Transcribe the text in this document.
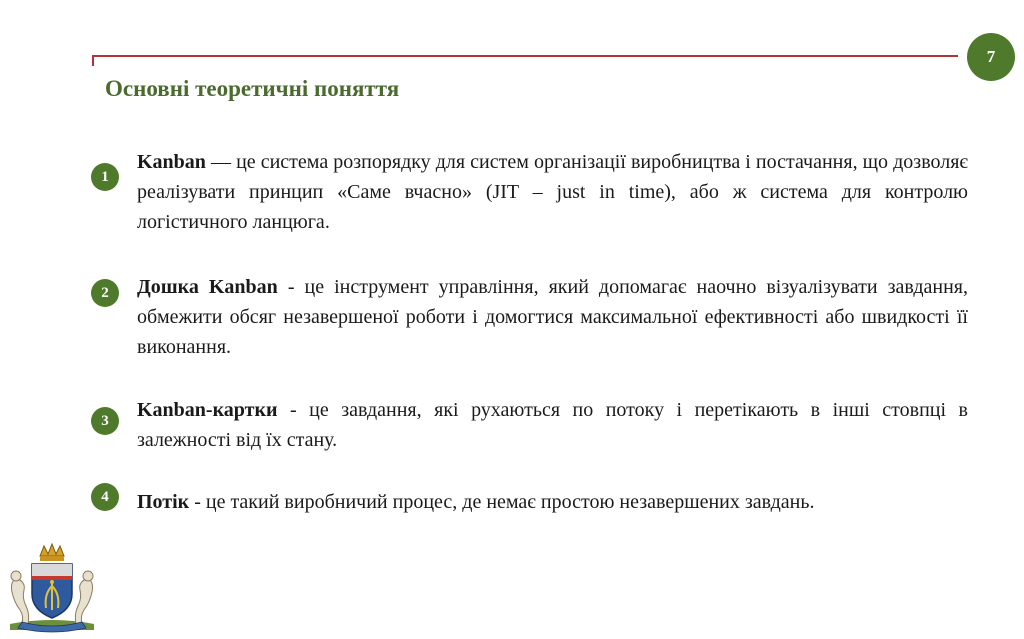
7
Основні теоретичні поняття
1

Kanban — це система розпорядку для систем організації виробництва і постачання, що дозволяє реалізувати принцип «Саме вчасно» (JIT – just in time), або ж система для контролю логістичного ланцюга.

2	Дошка Kanban - це інструмент управління, який допомагає наочно візуалізувати завдання, обмежити обсяг незавершеної роботи і домогтися максимальної ефективності або швидкості її виконання.

3	Kanban-картки - це завдання, які рухаються по потоку і перетікають в інші стовпці в залежності від їх стану.

4	Потік - це такий виробничий процес, де немає простою незавершених завдань.
